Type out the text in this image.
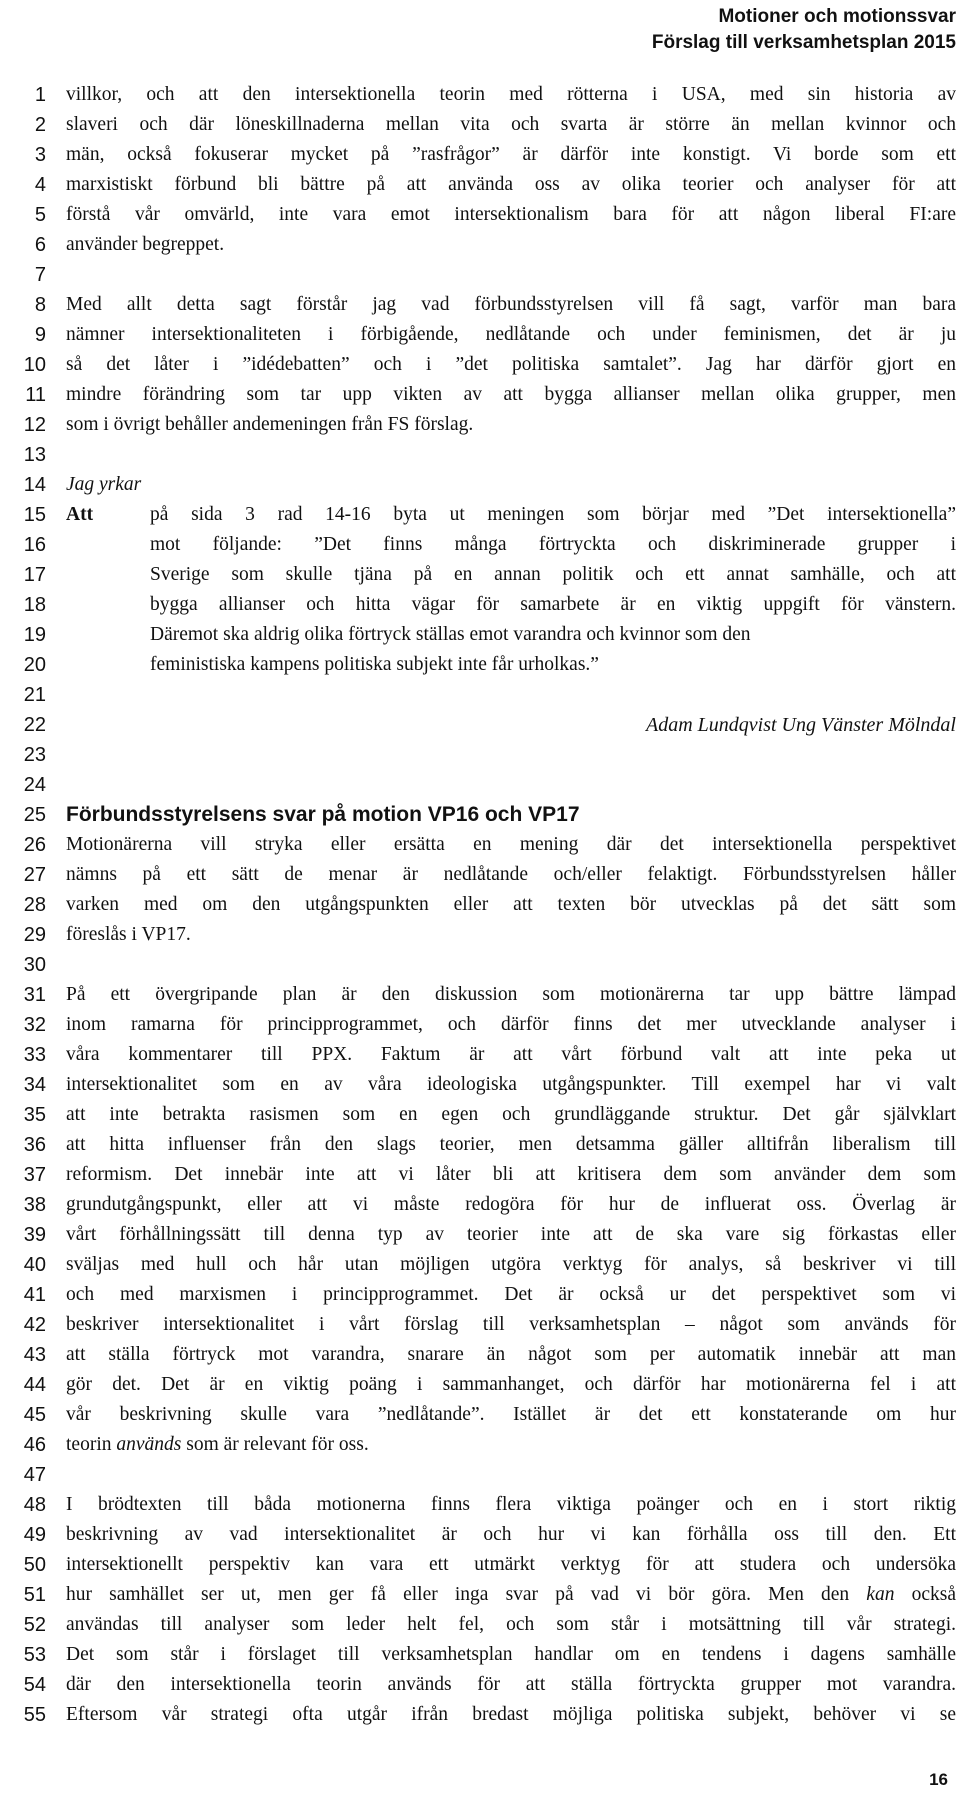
Motioner och motionssvar
Förslag till verksamhetsplan 2015
1
2
3
4
5
6
7
8
9
10
11
12
13
14
15
16
17
18
19
20
21
22
23
24
25
26
27
28
29
30
31
32
33
34
35
36
37
38
39
40
41
42
43
44
45
46
47
48
49
50
51
52
53
54
55
villkor, och att den intersektionella teorin med rötterna i USA, med sin historia av
slaveri och där löneskillnaderna mellan vita och svarta är större än mellan kvinnor och
män, också fokuserar mycket på ”rasfrågor” är därför inte konstigt. Vi borde som ett
marxistiskt förbund bli bättre på att använda oss av olika teorier och analyser för att
förstå vår omvärld, inte vara emot intersektionalism bara för att någon liberal FI:are
använder begreppet.
Med allt detta sagt förstår jag vad förbundsstyrelsen vill få sagt, varför man bara
nämner intersektionaliteten i förbigående, nedlåtande och under feminismen, det är ju
så det låter i ”idédebatten” och i ”det politiska samtalet”. Jag har därför gjort en
mindre förändring som tar upp vikten av att bygga allianser mellan olika grupper, men
som i övrigt behåller andemeningen från FS förslag.
Jag yrkar
Att	på sida 3 rad 14-16 byta ut meningen som börjar med ”Det intersektionella”
mot följande: ”Det finns många förtryckta och diskriminerade grupper i
Sverige som skulle tjäna på en annan politik och ett annat samhälle, och att
bygga allianser och hitta vägar för samarbete är en viktig uppgift för vänstern.
Däremot ska aldrig olika förtryck ställas emot varandra och kvinnor som den
feministiska kampens politiska subjekt inte får urholkas.”
Adam Lundqvist Ung Vänster Mölndal
Förbundsstyrelsens svar på motion VP16 och VP17
Motionärerna vill stryka eller ersätta en mening där det intersektionella perspektivet
nämns på ett sätt de menar är nedlåtande och/eller felaktigt. Förbundsstyrelsen håller
varken med om den utgångspunkten eller att texten bör utvecklas på det sätt som
föreslås i VP17.
På ett övergripande plan är den diskussion som motionärerna tar upp bättre lämpad
inom ramarna för principprogrammet, och därför finns det mer utvecklande analyser i
våra kommentarer till PPX. Faktum är att vårt förbund valt att inte peka ut
intersektionalitet som en av våra ideologiska utgångspunkter. Till exempel har vi valt
att inte betrakta rasismen som en egen och grundläggande struktur. Det går självklart
att hitta influenser från den slags teorier, men detsamma gäller alltifrån liberalism till
reformism. Det innebär inte att vi låter bli att kritisera dem som använder dem som
grundutgångspunkt, eller att vi måste redogöra för hur de influerat oss. Överlag är
vårt förhållningssätt till denna typ av teorier inte att de ska vare sig förkastas eller
sväljas med hull och hår utan möjligen utgöra verktyg för analys, så beskriver vi till
och med marxismen i principprogrammet. Det är också ur det perspektivet som vi
beskriver intersektionalitet i vårt förslag till verksamhetsplan – något som används för
att ställa förtryck mot varandra, snarare än något som per automatik innebär att man
gör det. Det är en viktig poäng i sammanhanget, och därför har motionärerna fel i att
vår beskrivning skulle vara ”nedlåtande”. Istället är det ett konstaterande om hur
teorin används som är relevant för oss.
I brödtexten till båda motionerna finns flera viktiga poänger och en i stort riktig
beskrivning av vad intersektionalitet är och hur vi kan förhålla oss till den. Ett
intersektionellt perspektiv kan vara ett utmärkt verktyg för att studera och undersöka
hur samhället ser ut, men ger få eller inga svar på vad vi bör göra. Men den kan också
användas till analyser som leder helt fel, och som står i motsättning till vår strategi.
Det som står i förslaget till verksamhetsplan handlar om en tendens i dagens samhälle
där den intersektionella teorin används för att ställa förtryckta grupper mot varandra.
Eftersom vår strategi ofta utgår ifrån bredast möjliga politiska subjekt, behöver vi se
16
